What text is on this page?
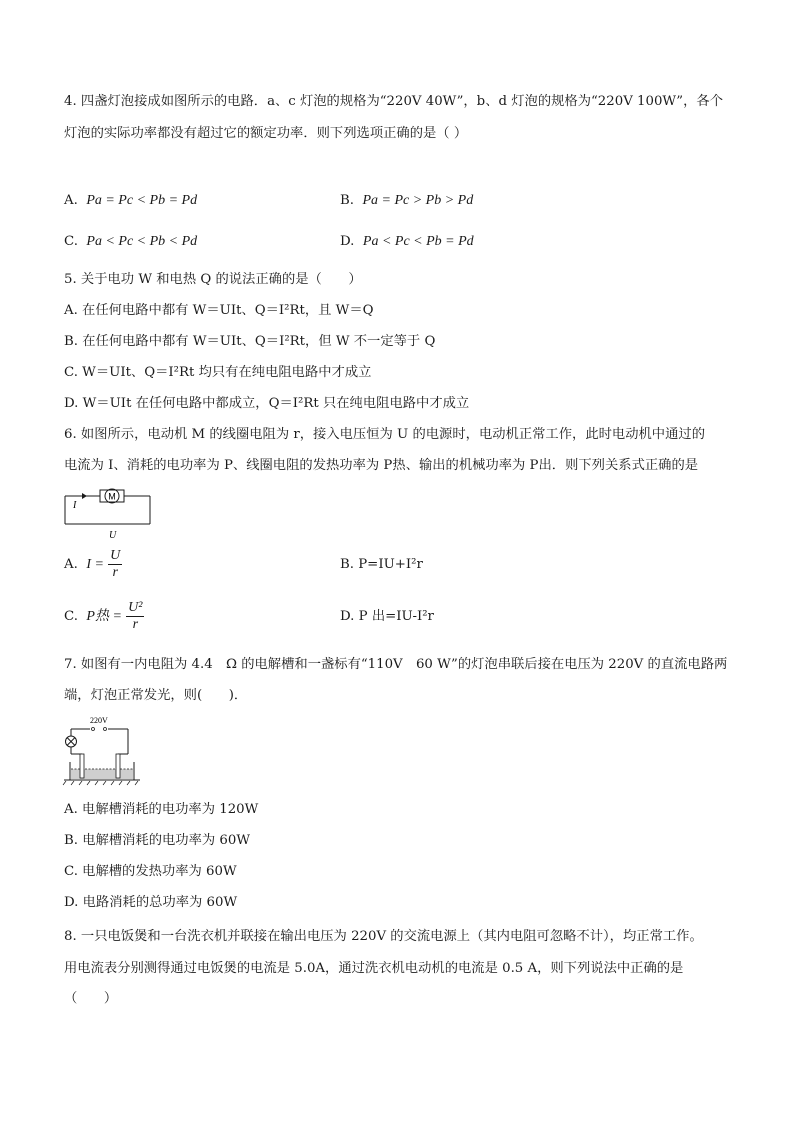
4. 四盏灯泡接成如图所示的电路．a、c 灯泡的规格为“220V 40W”，b、d 灯泡的规格为“220V 100W”，各个
灯泡的实际功率都没有超过它的额定功率．则下列选项正确的是（ ）
A. Pa = Pc < Pb = Pd	B. Pa = Pc > Pb > Pd
C. Pa < Pc < Pb < Pd	D. Pa < Pc < Pb = Pd
5. 关于电功 W 和电热 Q 的说法正确的是（　　）
A. 在任何电路中都有 W＝UIt、Q＝I²Rt，且 W＝Q
B. 在任何电路中都有 W＝UIt、Q＝I²Rt，但 W 不一定等于 Q
C. W＝UIt、Q＝I²Rt 均只有在纯电阻电路中才成立
D. W＝UIt 在任何电路中都成立，Q＝I²Rt 只在纯电阻电路中才成立
6. 如图所示，电动机 M 的线圈电阻为 r，接入电压恒为 U 的电源时，电动机正常工作，此时电动机中通过的
电流为 I、消耗的电功率为 P、线圈电阻的发热功率为 P热、输出的机械功率为 P出．则下列关系式正确的是
M
I
U
A. $I = \frac{U}{r}$	B. P=IU+I²r
C. P热 = $\frac{\text{U²}}{r}$	D. P 出=IU-I²r
7. 如图有一内电阻为 4.4　Ω 的电解槽和一盏标有“110V　60 W”的灯泡串联后接在电压为 220V 的直流电路两
端，灯泡正常发光，则(　　)．
220V
A. 电解槽消耗的电功率为 120W
B. 电解槽消耗的电功率为 60W
C. 电解槽的发热功率为 60W
D. 电路消耗的总功率为 60W
8. 一只电饭煲和一台洗衣机并联接在输出电压为 220V 的交流电源上（其内电阻可忽略不计），均正常工作。
用电流表分别测得通过电饭煲的电流是 5.0A，通过洗衣机电动机的电流是 0.5 A，则下列说法中正确的是
（　　）
